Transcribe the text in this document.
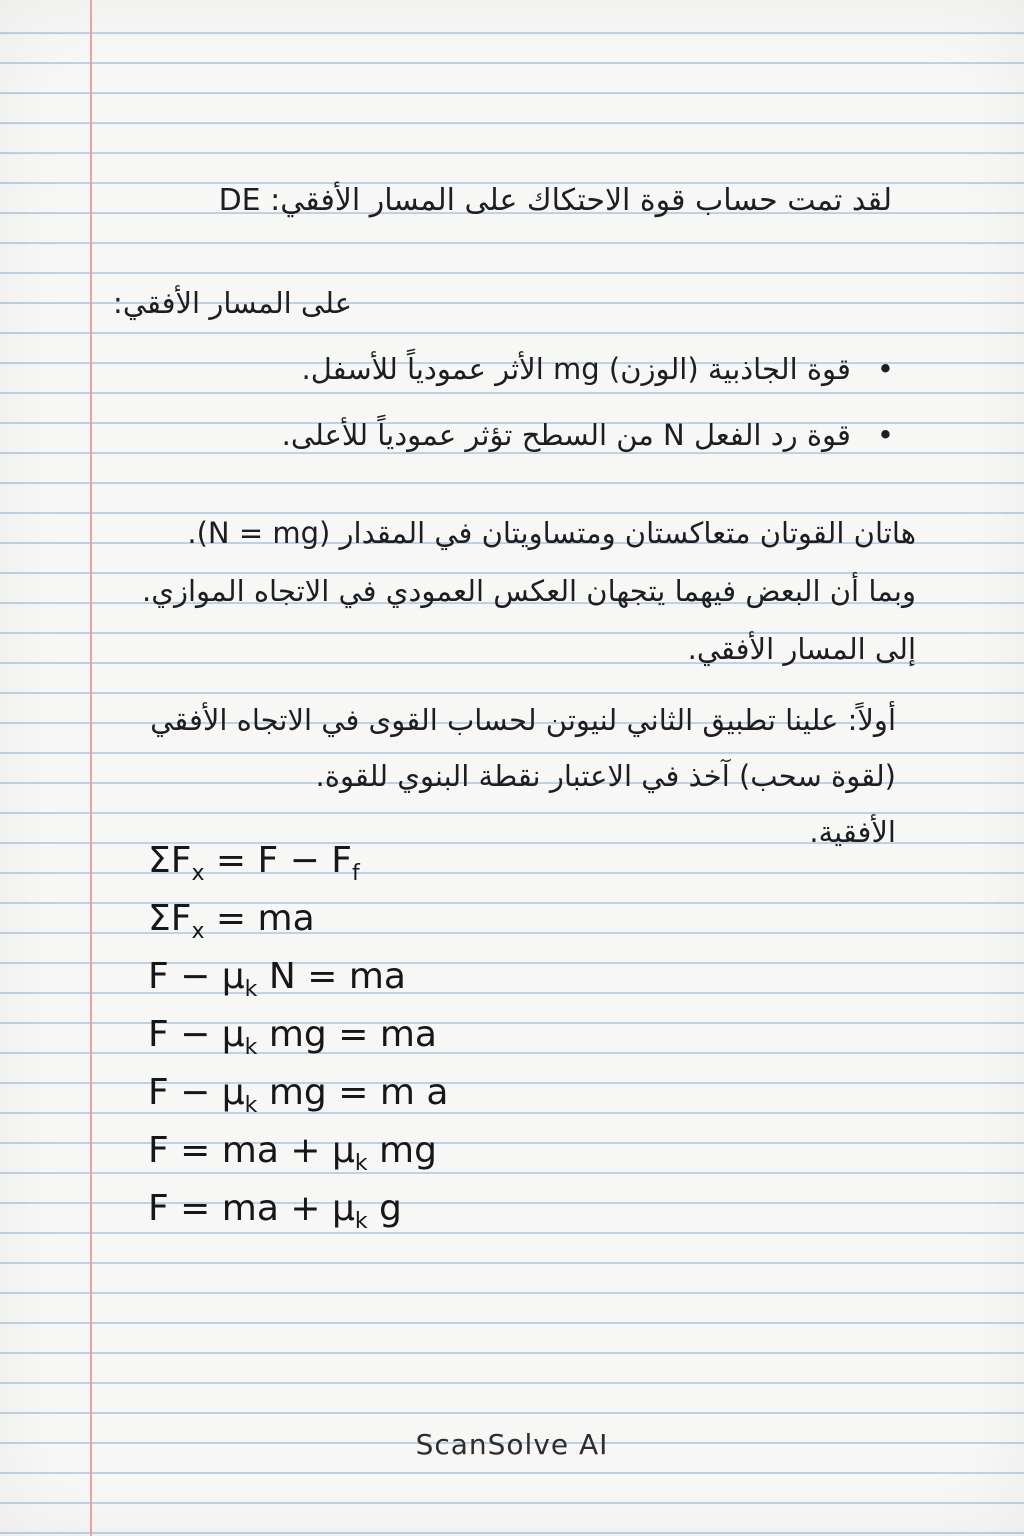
لقد تمت حساب قوة الاحتكاك على المسار الأفقي: DE
على المسار الأفقي:
•قوة الجاذبية (الوزن) mg الأثر عمودياً للأسفل.
•قوة رد الفعل N من السطح تؤثر عمودياً للأعلى.
هاتان القوتان متعاكستان ومتساويتان في المقدار (N = mg).
وبما أن البعض فيهما يتجهان العكس العمودي في الاتجاه الموازي.
إلى المسار الأفقي.
أولاً: علينا تطبيق الثاني لنيوتن لحساب القوى في الاتجاه الأفقي
(لقوة سحب) آخذ في الاعتبار نقطة البنوي للقوة.
الأفقية.
$\Sigma F_x = F - F_f$
$\Sigma F_x$ = ma
$F - \mu_k$ N = ma
$F - \mu_k$ mg = ma
$F - \mu_k$ mg = m a
F = ma + $\mu_k$ mg
F = ma + $\mu_k$ g
ScanSolve AI
